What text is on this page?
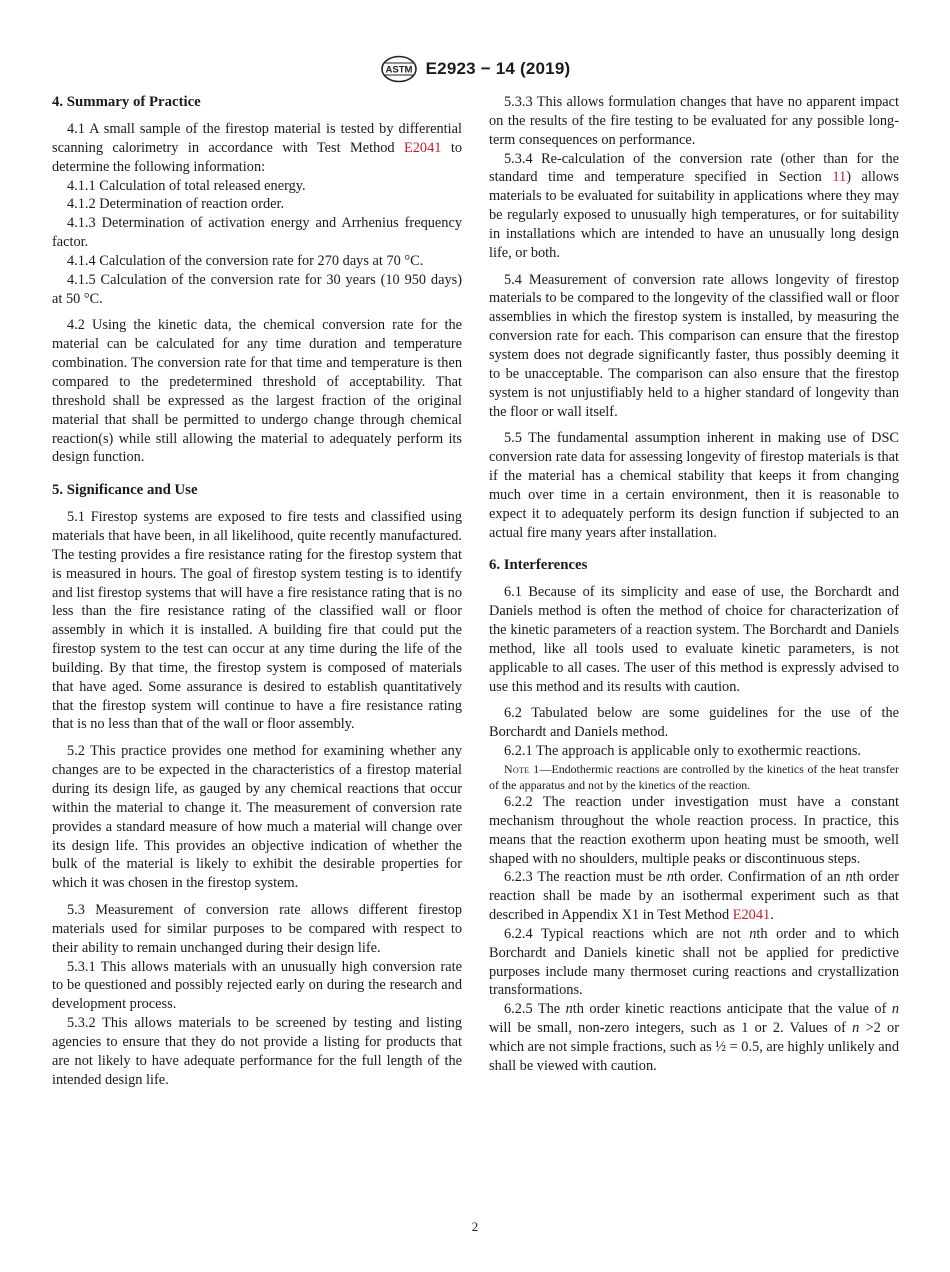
ASTM E2923 − 14 (2019)
4. Summary of Practice

4.1 A small sample of the firestop material is tested by differential scanning calorimetry in accordance with Test Method E2041 to determine the following information:

4.1.1 Calculation of total released energy.

4.1.2 Determination of reaction order.

4.1.3 Determination of activation energy and Arrhenius frequency factor.

4.1.4 Calculation of the conversion rate for 270 days at 70 °C.

4.1.5 Calculation of the conversion rate for 30 years (10 950 days) at 50 °C.

4.2 Using the kinetic data, the chemical conversion rate for the material can be calculated for any time duration and temperature combination. The conversion rate for that time and temperature is then compared to the predetermined threshold of acceptability. That threshold shall be expressed as the largest fraction of the original material that shall be permitted to undergo change through chemical reaction(s) while still allowing the material to adequately perform its design function.

5. Significance and Use

5.1 Firestop systems are exposed to fire tests and classified using materials that have been, in all likelihood, quite recently manufactured. The testing provides a fire resistance rating for the firestop system that is measured in hours. The goal of firestop system testing is to identify and list firestop systems that will have a fire resistance rating that is no less than the fire resistance rating of the classified wall or floor assembly in which it is installed. A building fire that could put the firestop system to the test can occur at any time during the life of the building. By that time, the firestop system is composed of materials that have aged. Some assurance is desired to establish quantitatively that the firestop system will continue to have a fire resistance rating that is no less than that of the wall or floor assembly.

5.2 This practice provides one method for examining whether any changes are to be expected in the characteristics of a firestop material during its design life, as gauged by any chemical reactions that occur within the material to change it. The measurement of conversion rate provides a standard measure of how much a material will change over its design life. This provides an objective indication of whether the bulk of the material is likely to exhibit the desirable properties for which it was chosen in the firestop system.

5.3 Measurement of conversion rate allows different firestop materials used for similar purposes to be compared with respect to their ability to remain unchanged during their design life.

5.3.1 This allows materials with an unusually high conversion rate to be questioned and possibly rejected early on during the research and development process.

5.3.2 This allows materials to be screened by testing and listing agencies to ensure that they do not provide a listing for products that are not likely to have adequate performance for the full length of the intended design life.

5.3.3 This allows formulation changes that have no apparent impact on the results of the fire testing to be evaluated for any possible long-term consequences on performance.

5.3.4 Re-calculation of the conversion rate (other than for the standard time and temperature specified in Section 11) allows materials to be evaluated for suitability in applications where they may be regularly exposed to unusually high temperatures, or for suitability in installations which are intended to have an unusually long design life, or both.

5.4 Measurement of conversion rate allows longevity of firestop materials to be compared to the longevity of the classified wall or floor assemblies in which the firestop system is installed, by measuring the conversion rate for each. This comparison can ensure that the firestop system does not degrade significantly faster, thus possibly deeming it to be unacceptable. The comparison can also ensure that the firestop system is not unjustifiably held to a higher standard of longevity than the floor or wall itself.

5.5 The fundamental assumption inherent in making use of DSC conversion rate data for assessing longevity of firestop materials is that if the material has a chemical stability that keeps it from changing much over time in a certain environment, then it is reasonable to expect it to adequately perform its design function if subjected to an actual fire many years after installation.

6. Interferences

6.1 Because of its simplicity and ease of use, the Borchardt and Daniels method is often the method of choice for characterization of the kinetic parameters of a reaction system. The Borchardt and Daniels method, like all tools used to evaluate kinetic parameters, is not applicable to all cases. The user of this method is expressly advised to use this method and its results with caution.

6.2 Tabulated below are some guidelines for the use of the Borchardt and Daniels method.

6.2.1 The approach is applicable only to exothermic reactions.

Note 1—Endothermic reactions are controlled by the kinetics of the heat transfer of the apparatus and not by the kinetics of the reaction.

6.2.2 The reaction under investigation must have a constant mechanism throughout the whole reaction process. In practice, this means that the reaction exotherm upon heating must be smooth, well shaped with no shoulders, multiple peaks or discontinuous steps.

6.2.3 The reaction must be nth order. Confirmation of an nth order reaction shall be made by an isothermal experiment such as that described in Appendix X1 in Test Method E2041.

6.2.4 Typical reactions which are not nth order and to which Borchardt and Daniels kinetic shall not be applied for predictive purposes include many thermoset curing reactions and crystallization transformations.

6.2.5 The nth order kinetic reactions anticipate that the value of n will be small, non-zero integers, such as 1 or 2. Values of n >2 or which are not simple fractions, such as ½ = 0.5, are highly unlikely and shall be viewed with caution.

2
